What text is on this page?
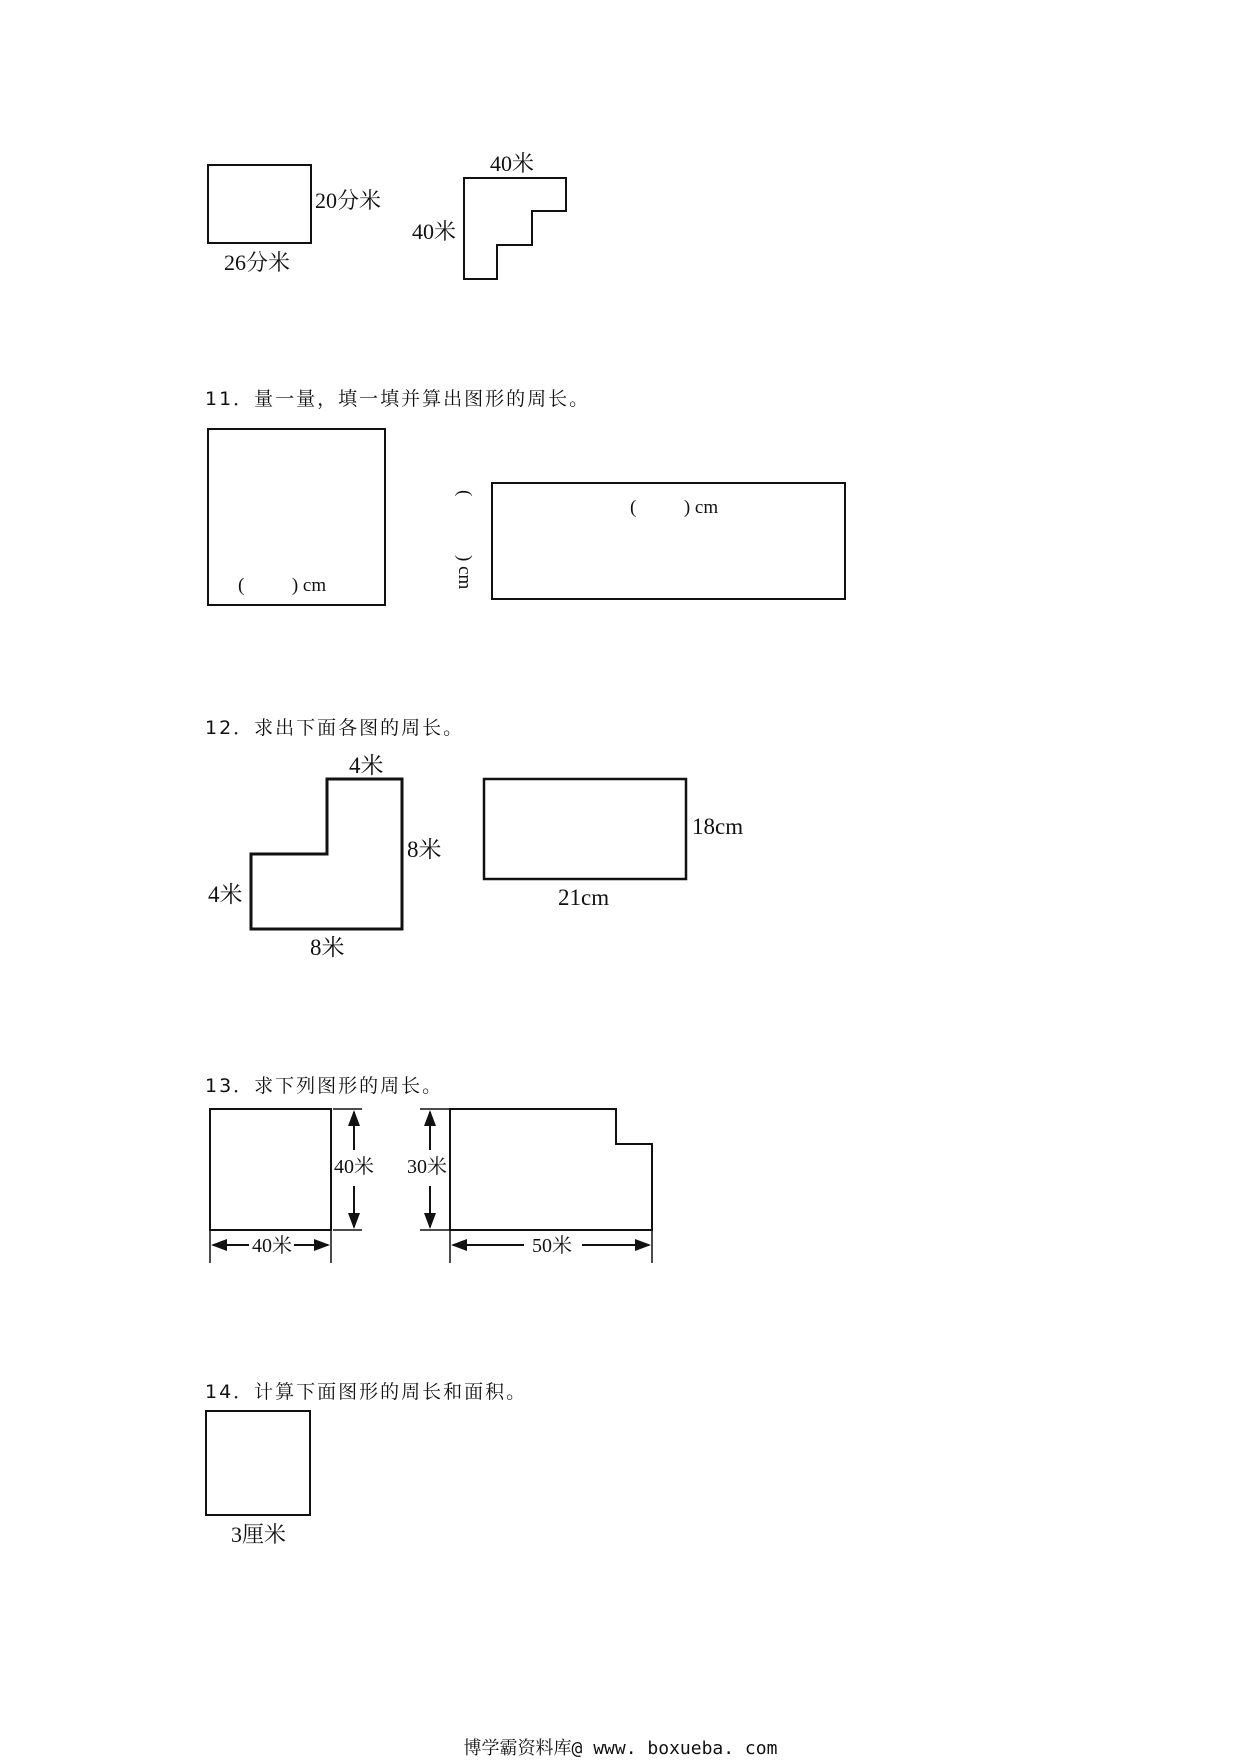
20分米
26分米
40米
40米
(          ) cm
(          ) cm
(
) cm
4米
8米
4米
8米
18cm
21cm
40米
40米
30米
50米
3厘米
11．量一量，填一填并算出图形的周长。
12．求出下面各图的周长。
13．求下列图形的周长。
14．计算下面图形的周长和面积。
博学霸资料库@ www. boxueba. com
